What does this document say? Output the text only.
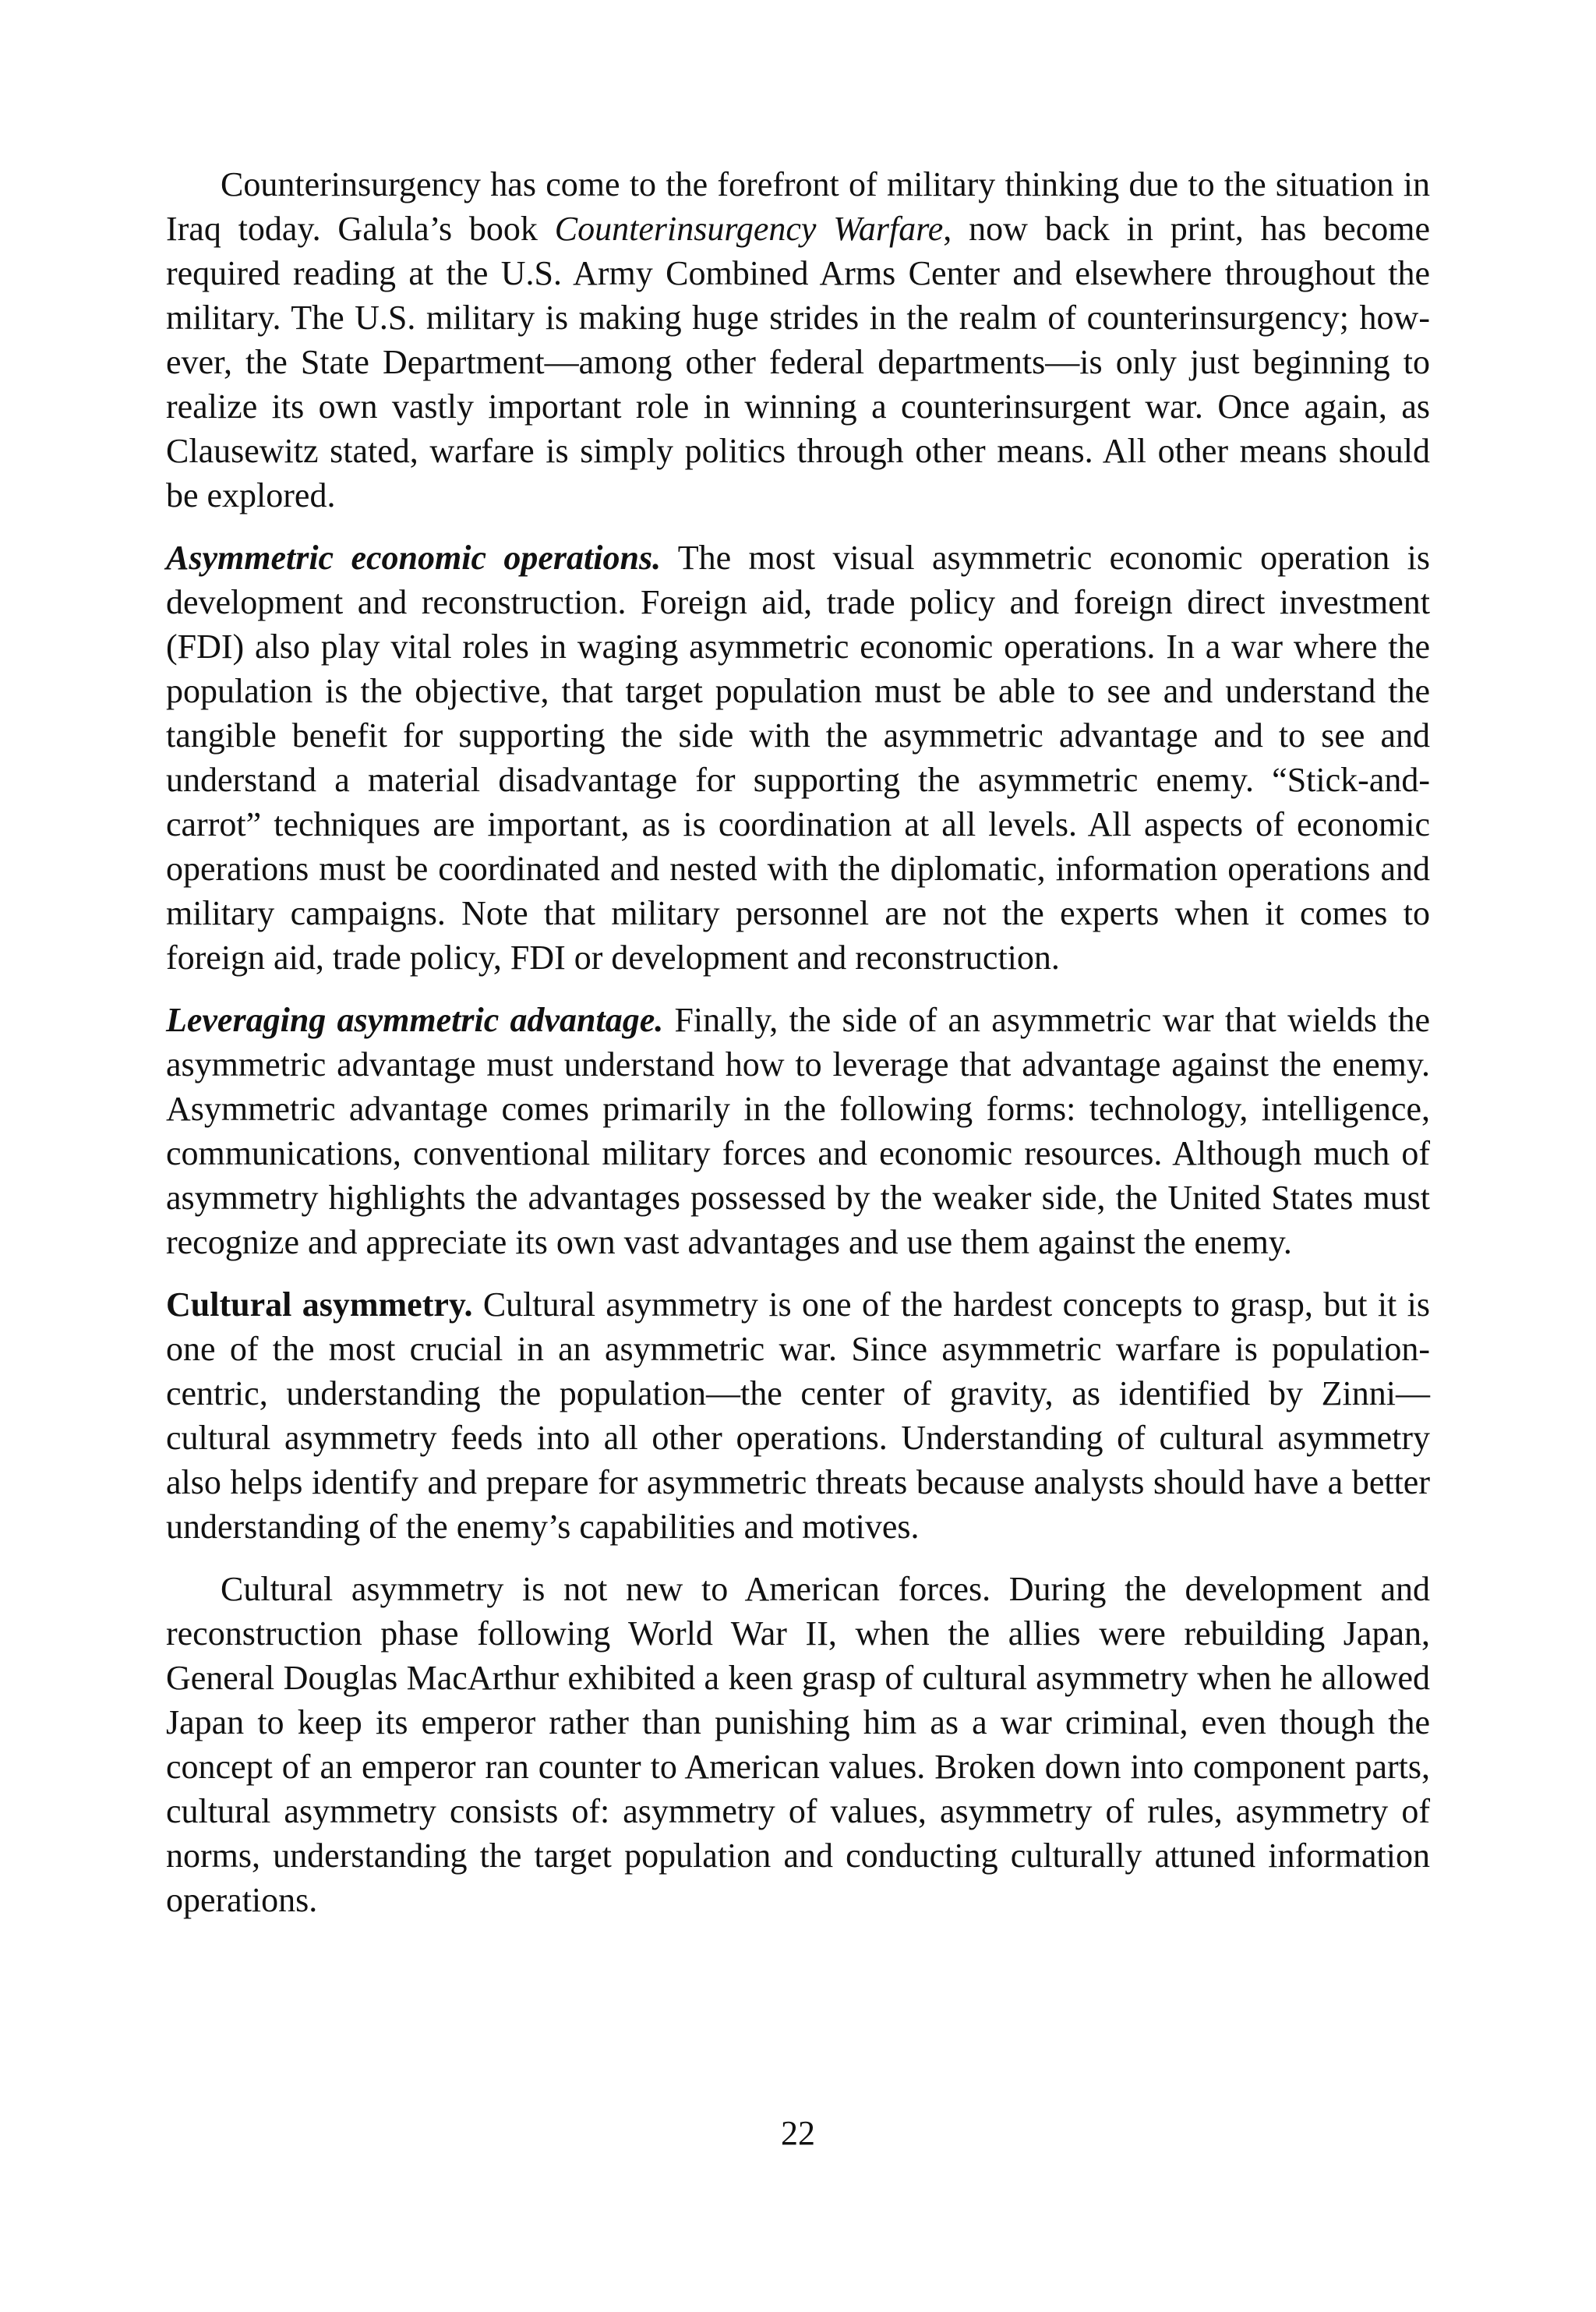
Counterinsurgency has come to the forefront of military thinking due to the situation in Iraq today. Galula’s book Counterinsurgency Warfare, now back in print, has become required reading at the U.S. Army Combined Arms Center and elsewhere throughout the military. The U.S. military is making huge strides in the realm of counterinsurgency; however, the State Department—among other federal departments—is only just beginning to realize its own vastly important role in winning a counterinsurgent war. Once again, as Clausewitz stated, warfare is simply politics through other means. All other means should be explored.

Asymmetric economic operations. The most visual asymmetric economic operation is development and reconstruction. Foreign aid, trade policy and foreign direct investment (FDI) also play vital roles in waging asymmetric economic operations. In a war where the population is the objective, that target population must be able to see and understand the tangible benefit for supporting the side with the asymmetric advantage and to see and understand a material disadvantage for supporting the asymmetric enemy. “Stick-and-carrot” techniques are important, as is coordination at all levels. All aspects of economic operations must be coordinated and nested with the diplomatic, information operations and military campaigns. Note that military personnel are not the experts when it comes to foreign aid, trade policy, FDI or development and reconstruction.

Leveraging asymmetric advantage. Finally, the side of an asymmetric war that wields the asymmetric advantage must understand how to leverage that advantage against the enemy. Asymmetric advantage comes primarily in the following forms: technology, intelligence, communications, conventional military forces and economic resources. Although much of asymmetry highlights the advantages possessed by the weaker side, the United States must recognize and appreciate its own vast advantages and use them against the enemy.

Cultural asymmetry. Cultural asymmetry is one of the hardest concepts to grasp, but it is one of the most crucial in an asymmetric war. Since asymmetric warfare is population-centric, understanding the population—the center of gravity, as identified by Zinni—cultural asymmetry feeds into all other operations. Understanding of cultural asymmetry also helps identify and prepare for asymmetric threats because analysts should have a better understanding of the enemy’s capabilities and motives.

Cultural asymmetry is not new to American forces. During the development and reconstruction phase following World War II, when the allies were rebuilding Japan, General Douglas MacArthur exhibited a keen grasp of cultural asymmetry when he allowed Japan to keep its emperor rather than punishing him as a war criminal, even though the concept of an emperor ran counter to American values. Broken down into component parts, cultural asymmetry consists of: asymmetry of values, asymmetry of rules, asymmetry of norms, understanding the target population and conducting culturally attuned information operations.

22
